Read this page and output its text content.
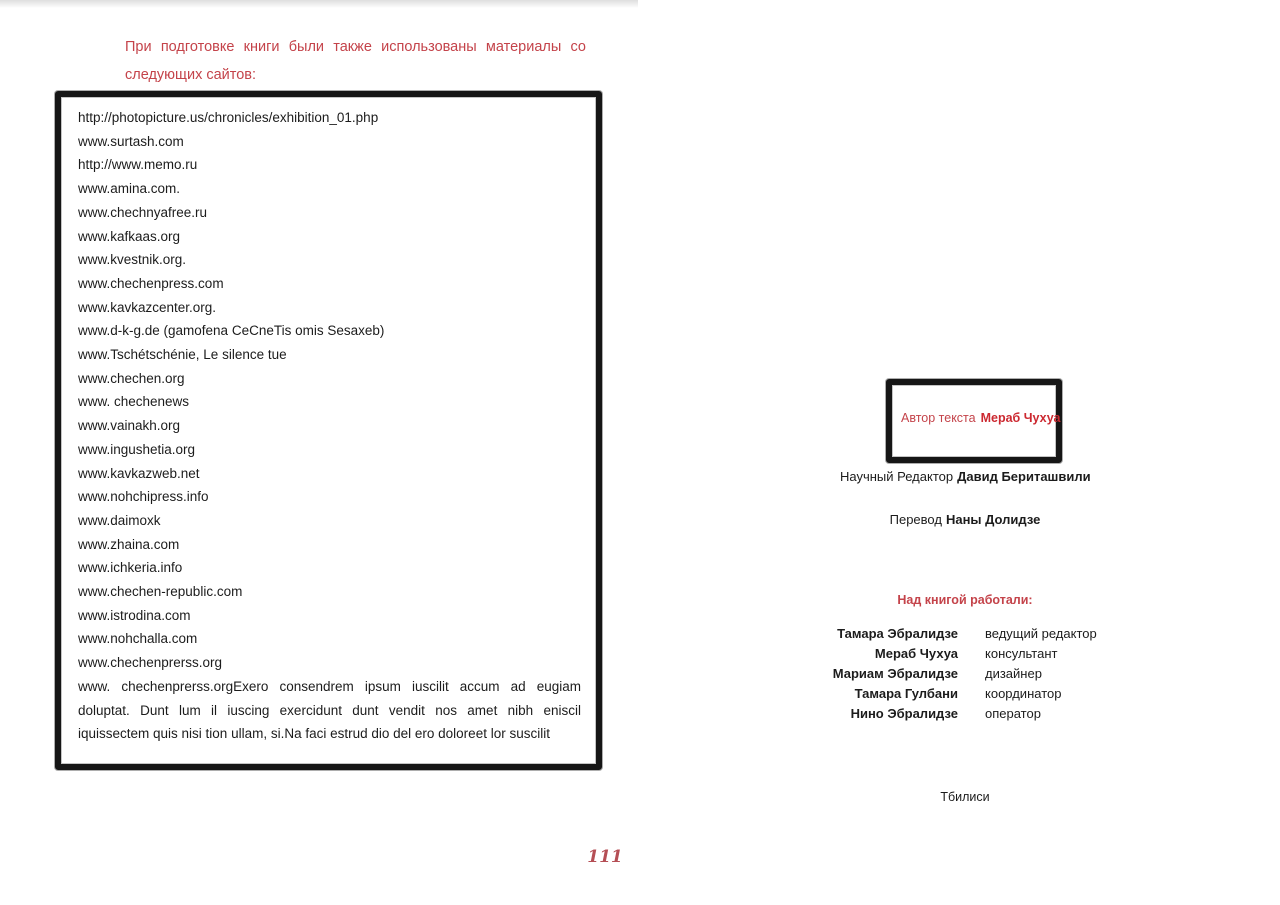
При подготовке книги были также использованы материалы со
следующих сайтов:
http://photopicture.us/chronicles/exhibition_01.php
www.surtash.com
http://www.memo.ru
www.amina.com.
www.chechnyafree.ru
www.kafkaas.org
www.kvestnik.org.
www.chechenpress.com
www.kavkazcenter.org.
www.d-k-g.de (gamofena CeCneTis omis Sesaxeb)
www.Tschétschénie, Le silence tue
www.chechen.org
www. chechenews
www.vainakh.org
www.ingushetia.org
www.kavkazweb.net
www.nohchipress.info
www.daimoxk
www.zhaina.com
www.ichkeria.info
www.chechen-republic.com
www.istrodina.com
www.nohchalla.com
www.chechenprerss.org
www. chechenprerss.orgExero consendrem ipsum iuscilit accum ad eugiam doluptat. Dunt lum il iuscing exercidunt dunt vendit nos amet nibh eniscil iquissectem quis nisi tion ullam, si.Na faci estrud dio del ero doloreet lor suscilit
111
Автор текста Мераб Чухуа
Научный Редактор Давид Бериташвили
Перевод Наны Долидзе
Над книгой работали:
Тамара Эбралидзе ведущий редактор
Мераб Чухуа консультант
Мариам Эбралидзе дизайнер
Тамара Гулбани координатор
Нино Эбралидзе оператор
Тбилиси
